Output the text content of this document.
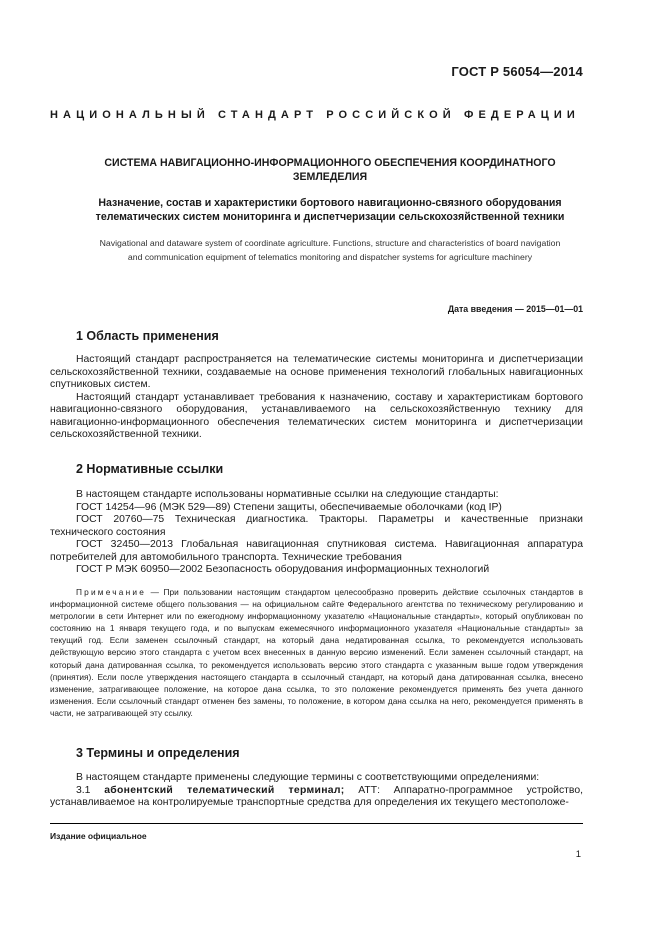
ГОСТ Р 56054—2014
НАЦИОНАЛЬНЫЙ СТАНДАРТ РОССИЙСКОЙ ФЕДЕРАЦИИ
СИСТЕМА НАВИГАЦИОННО-ИНФОРМАЦИОННОГО ОБЕСПЕЧЕНИЯ КООРДИНАТНОГО
ЗЕМЛЕДЕЛИЯ
Назначение, состав и характеристики бортового навигационно-связного оборудования
телематических систем мониторинга и диспетчеризации сельскохозяйственной техники
Navigational and dataware system of coordinate agriculture. Functions, structure and characteristics of board navigation
and communication equipment of telematics monitoring and dispatcher systems for agriculture machinery
Дата введения — 2015—01—01
1 Область применения

Настоящий стандарт распространяется на телематические системы мониторинга и диспетчеризации сельскохозяйственной техники, создаваемые на основе применения технологий глобальных навигационных спутниковых систем.

Настоящий стандарт устанавливает требования к назначению, составу и характеристикам бортового навигационно-связного оборудования, устанавливаемого на сельскохозяйственную технику для навигационно-информационного обеспечения телематических систем мониторинга и диспетчеризации сельскохозяйственной техники.

2 Нормативные ссылки

В настоящем стандарте использованы нормативные ссылки на следующие стандарты:

ГОСТ 14254—96 (МЭК 529—89) Степени защиты, обеспечиваемые оболочками (код IP)

ГОСТ 20760—75 Техническая диагностика. Тракторы. Параметры и качественные признаки технического состояния

ГОСТ 32450—2013 Глобальная навигационная спутниковая система. Навигационная аппаратура потребителей для автомобильного транспорта. Технические требования

ГОСТ Р МЭК 60950—2002 Безопасность оборудования информационных технологий

Примечание — При пользовании настоящим стандартом целесообразно проверить действие ссылочных стандартов в информационной системе общего пользования — на официальном сайте Федерального агентства по техническому регулированию и метрологии в сети Интернет или по ежегодному информационному указателю «Национальные стандарты», который опубликован по состоянию на 1 января текущего года, и по выпускам ежемесячного информационного указателя «Национальные стандарты» за текущий год. Если заменен ссылочный стандарт, на который дана недатированная ссылка, то рекомендуется использовать действующую версию этого стандарта с учетом всех внесенных в данную версию изменений. Если заменен ссылочный стандарт, на который дана датированная ссылка, то рекомендуется использовать версию этого стандарта с указанным выше годом утверждения (принятия). Если после утверждения настоящего стандарта в ссылочный стандарт, на который дана датированная ссылка, внесено изменение, затрагивающее положение, на которое дана ссылка, то это положение рекомендуется применять без учета данного изменения. Если ссылочный стандарт отменен без замены, то положение, в котором дана ссылка на него, рекомендуется применять в части, не затрагивающей эту ссылку.

3 Термины и определения

В настоящем стандарте применены следующие термины с соответствующими определениями:

3.1 абонентский телематический терминал; АТТ: Аппаратно-программное устройство, устанавливаемое на контролируемые транспортные средства для определения их текущего местоположе-

Издание официальное
1
